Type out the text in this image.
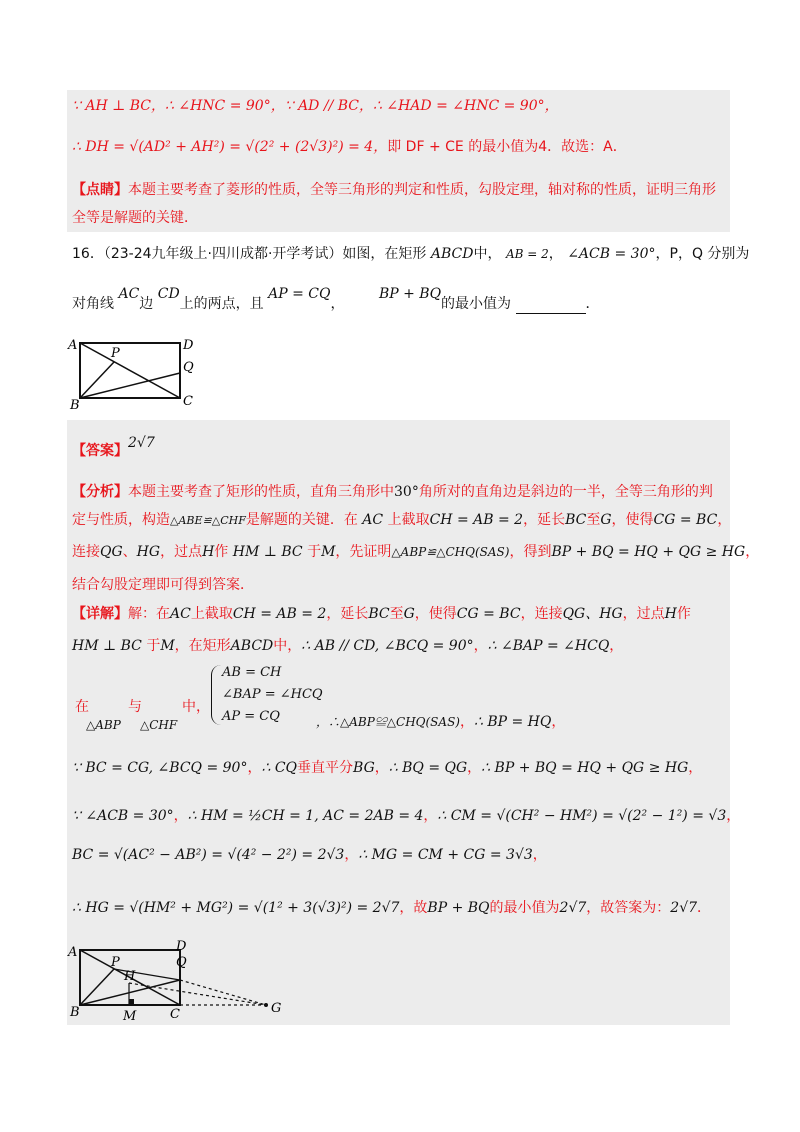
∵ AH ⊥ BC，∴ ∠HNC = 90°，∵ AD // BC，∴ ∠HAD = ∠HNC = 90°，
∴ DH = √(AD² + AH²) = √(2² + (2√3)²) = 4，即 DF + CE 的最小值为4．故选：A．
【点睛】本题主要考查了菱形的性质，全等三角形的判定和性质，勾股定理，轴对称的性质，证明三角形
全等是解题的关键．
16．（23-24九年级上·四川成都·开学考试）如图，在矩形 ABCD中， AB = 2， ∠ACB = 30°，P，Q 分别为
对角线 AC边 CD上的两点，且 AP = CQ， BP + BQ的最小值为	．
A	D
P
Q
B	C
【答案】2√7
【分析】本题主要考查了矩形的性质，直角三角形中30°角所对的直角边是斜边的一半，全等三角形的判
定与性质，构造△ABE≌△CHF是解题的关键．在 AC 上截取CH = AB = 2，延长BC至G，使得CG = BC，
连接QG、HG，过点H作 HM ⊥ BC 于M，先证明△ABP≌△CHQ(SAS)，得到BP + BQ = HQ + QG ≥ HG，
结合勾股定理即可得到答案．
【详解】解：在AC上截取CH = AB = 2，延长BC至G，使得CG = BC，连接QG、HG，过点H作
HM ⊥ BC 于M，在矩形ABCD中，∴ AB // CD, ∠BCQ = 90°，∴ ∠BAP = ∠HCQ，
在
△ABP
与
△CHF
中，
AB = CH
∠BAP = ∠HCQ
AP = CQ	，∴△ABP≌△CHQ(SAS)，∴ BP = HQ，
∵ BC = CG, ∠BCQ = 90°，∴ CQ垂直平分BG，∴ BQ = QG，∴ BP + BQ = HQ + QG ≥ HG，
∵ ∠ACB = 30°，∴ HM = ½CH = 1, AC = 2AB = 4，∴ CM = √(CH² − HM²) = √(2² − 1²) = √3，
BC = √(AC² − AB²) = √(4² − 2²) = 2√3，∴ MG = CM + CG = 3√3，
∴ HG = √(HM² + MG²) = √(1² + 3(√3)²) = 2√7，故BP + BQ的最小值为2√7，故答案为：2√7．
A	D
Q
P
H
B	M	C	G
